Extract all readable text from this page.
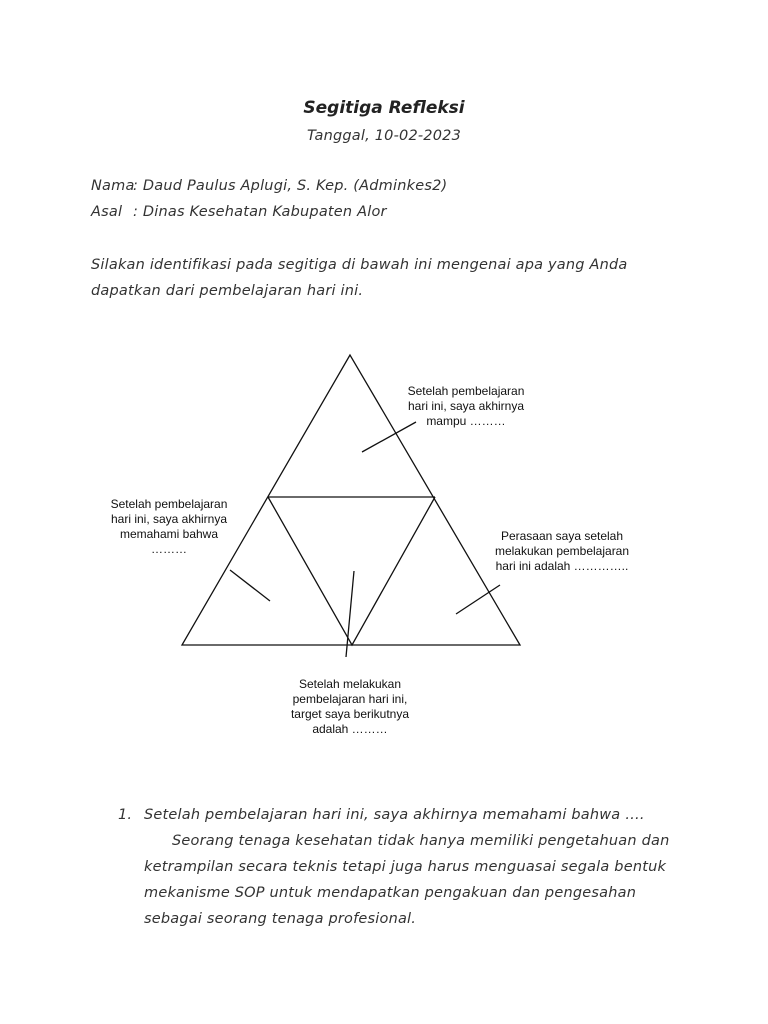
Segitiga Refleksi
Tanggal, 10-02-2023
Nama: Daud Paulus Aplugi, S. Kep. (Adminkes2)
Asal : Dinas Kesehatan Kabupaten Alor
Silakan identifikasi pada segitiga di bawah ini mengenai apa yang Anda dapatkan dari pembelajaran hari ini.
Setelah pembelajaran
hari ini, saya akhirnya
mampu ………
Setelah pembelajaran
hari ini, saya akhirnya
memahami bahwa
………
Perasaan saya setelah
melakukan pembelajaran
hari ini adalah …………..
Setelah melakukan
pembelajaran hari ini,
target saya berikutnya
adalah ………
1. Setelah pembelajaran hari ini, saya akhirnya memahami bahwa ….
Seorang tenaga kesehatan tidak hanya memiliki pengetahuan dan ketrampilan secara teknis tetapi juga harus menguasai segala bentuk mekanisme SOP untuk mendapatkan pengakuan dan pengesahan sebagai seorang tenaga profesional.
